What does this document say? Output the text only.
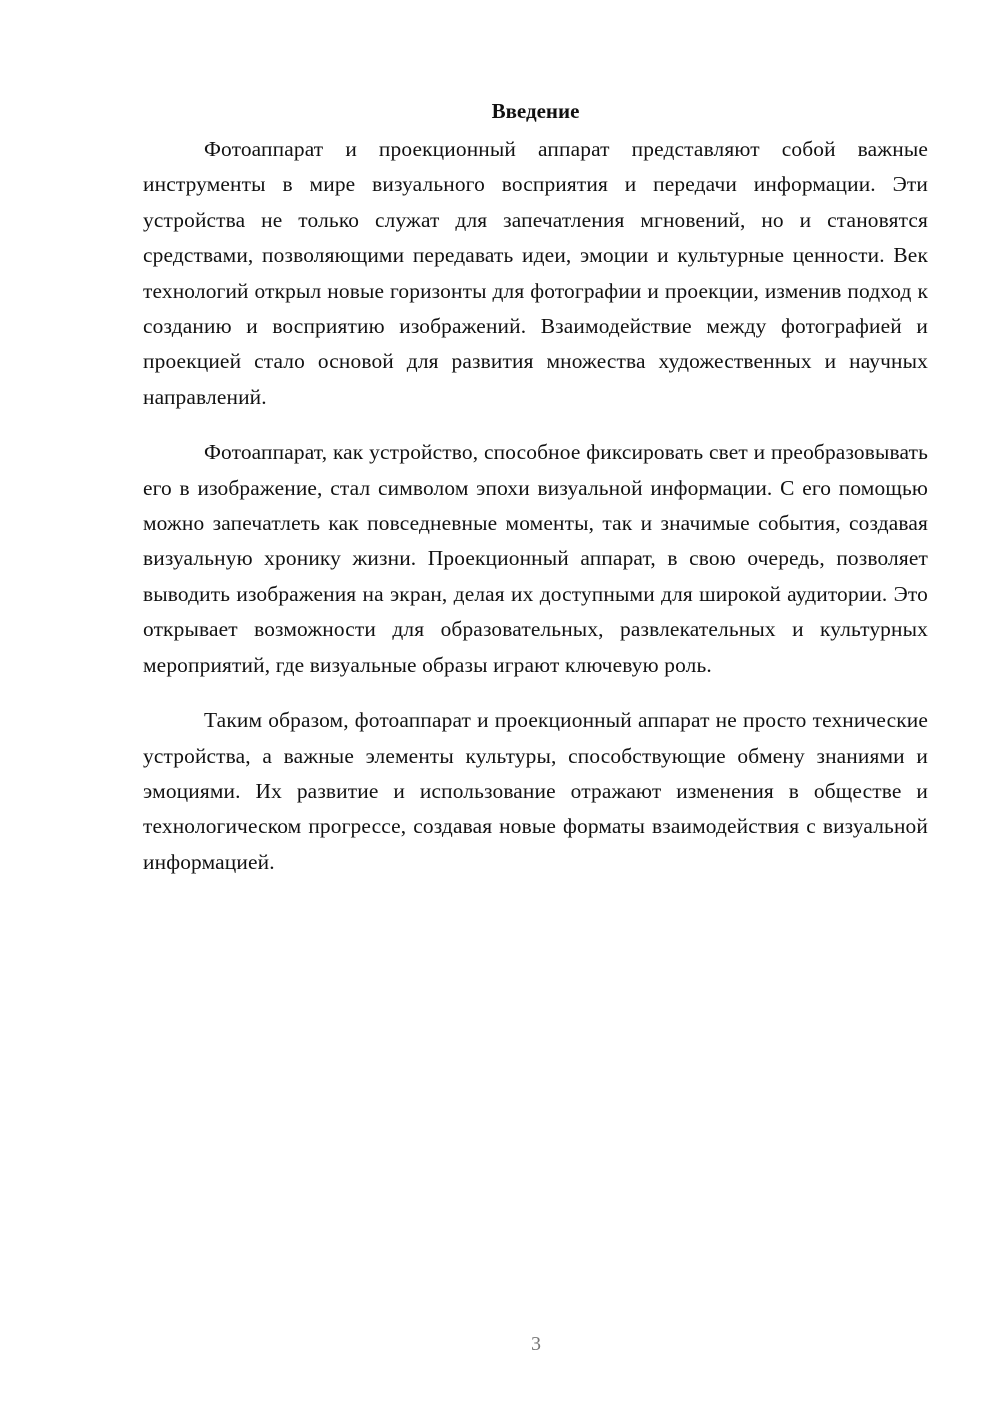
Введение

Фотоаппарат и проекционный аппарат представляют собой важные инструменты в мире визуального восприятия и передачи информации. Эти устройства не только служат для запечатления мгновений, но и становятся средствами, позволяющими передавать идеи, эмоции и культурные ценности. Век технологий открыл новые горизонты для фотографии и проекции, изменив подход к созданию и восприятию изображений. Взаимодействие между фотографией и проекцией стало основой для развития множества художественных и научных направлений.

Фотоаппарат, как устройство, способное фиксировать свет и преобразовывать его в изображение, стал символом эпохи визуальной информации. С его помощью можно запечатлеть как повседневные моменты, так и значимые события, создавая визуальную хронику жизни. Проекционный аппарат, в свою очередь, позволяет выводить изображения на экран, делая их доступными для широкой аудитории. Это открывает возможности для образовательных, развлекательных и культурных мероприятий, где визуальные образы играют ключевую роль.

Таким образом, фотоаппарат и проекционный аппарат не просто технические устройства, а важные элементы культуры, способствующие обмену знаниями и эмоциями. Их развитие и использование отражают изменения в обществе и технологическом прогрессе, создавая новые форматы взаимодействия с визуальной информацией.

3
